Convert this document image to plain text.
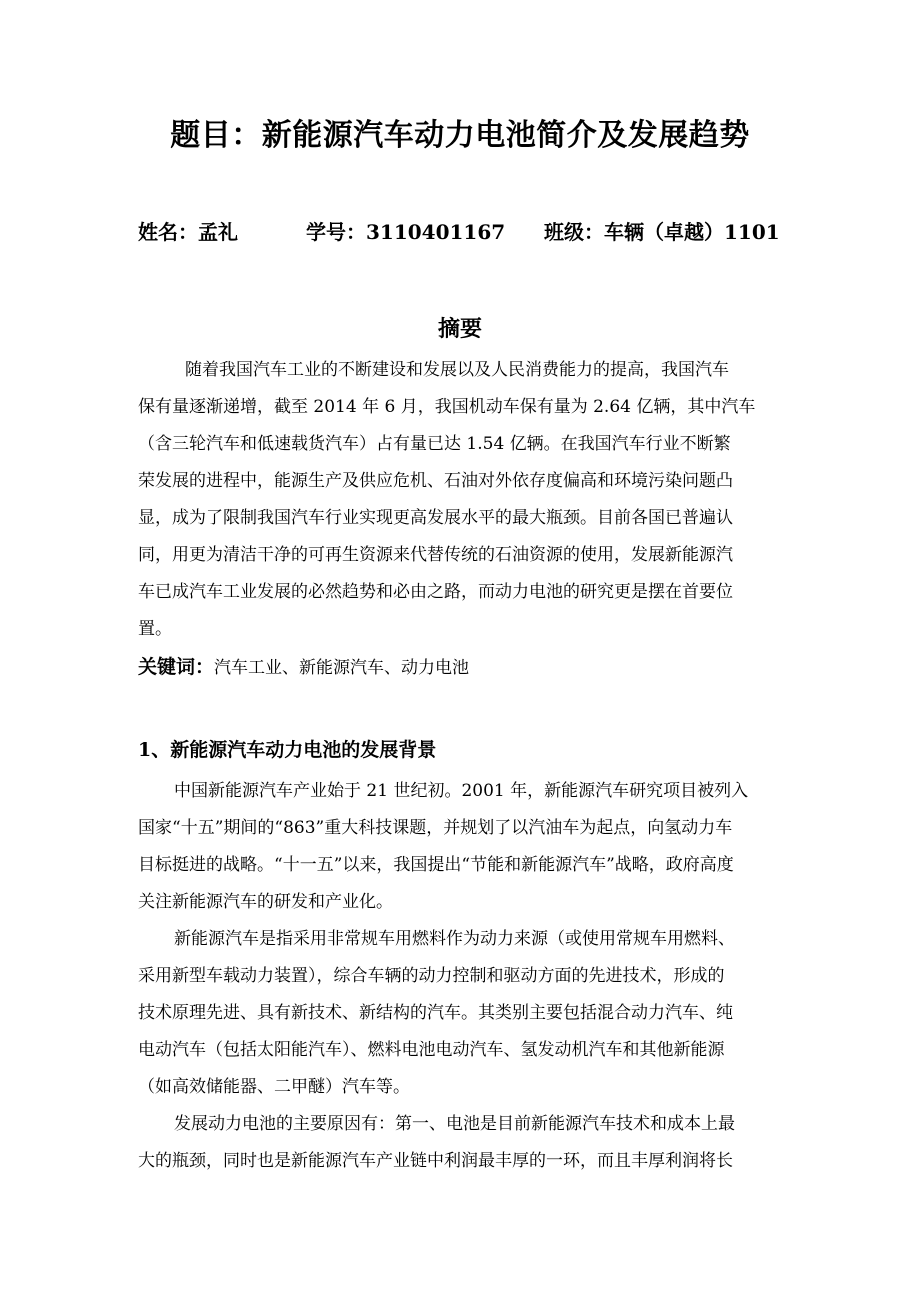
题目：新能源汽车动力电池简介及发展趋势
姓名：孟礼	学号：3110401167 班级：车辆（卓越）1101
摘要
随着我国汽车工业的不断建设和发展以及人民消费能力的提高，我国汽车
保有量逐渐递增，截至 2014 年 6 月，我国机动车保有量为 2.64 亿辆，其中汽车
（含三轮汽车和低速载货汽车）占有量已达 1.54 亿辆。在我国汽车行业不断繁
荣发展的进程中，能源生产及供应危机、石油对外依存度偏高和环境污染问题凸
显，成为了限制我国汽车行业实现更高发展水平的最大瓶颈。目前各国已普遍认
同，用更为清洁干净的可再生资源来代替传统的石油资源的使用，发展新能源汽
车已成汽车工业发展的必然趋势和必由之路，而动力电池的研究更是摆在首要位
置。
关键词：汽车工业、新能源汽车、动力电池
1、新能源汽车动力电池的发展背景
中国新能源汽车产业始于 21 世纪初。2001 年，新能源汽车研究项目被列入
国家“十五”期间的“863”重大科技课题，并规划了以汽油车为起点，向氢动力车
目标挺进的战略。“十一五”以来，我国提出“节能和新能源汽车”战略，政府高度
关注新能源汽车的研发和产业化。
新能源汽车是指采用非常规车用燃料作为动力来源（或使用常规车用燃料、
采用新型车载动力装置），综合车辆的动力控制和驱动方面的先进技术，形成的
技术原理先进、具有新技术、新结构的汽车。其类别主要包括混合动力汽车、纯
电动汽车（包括太阳能汽车）、燃料电池电动汽车、氢发动机汽车和其他新能源
（如高效储能器、二甲醚）汽车等。
发展动力电池的主要原因有：第一、电池是目前新能源汽车技术和成本上最
大的瓶颈，同时也是新能源汽车产业链中利润最丰厚的一环，而且丰厚利润将长
